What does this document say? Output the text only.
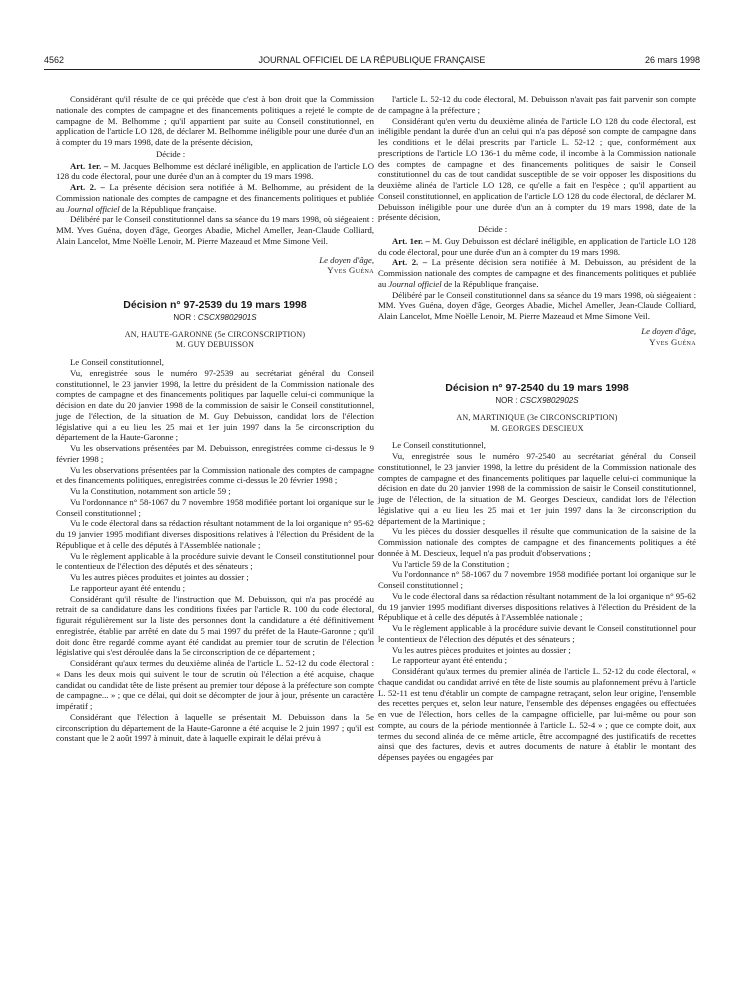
4562	JOURNAL OFFICIEL DE LA RÉPUBLIQUE FRANÇAISE	26 mars 1998

Considérant qu'il résulte de ce qui précède que c'est à bon droit que la Commission nationale des comptes de campagne et des financements politiques a rejeté le compte de campagne de M. Belhomme ; qu'il appartient par suite au Conseil constitutionnel, en application de l'article LO 128, de déclarer M. Belhomme inéligible pour une durée d'un an à compter du 19 mars 1998, date de la présente décision,

Décide :

Art. 1er. – M. Jacques Belhomme est déclaré inéligible, en application de l'article LO 128 du code électoral, pour une durée d'un an à compter du 19 mars 1998.

Art. 2. – La présente décision sera notifiée à M. Belhomme, au président de la Commission nationale des comptes de campagne et des financements politiques et publiée au Journal officiel de la République française.

Délibéré par le Conseil constitutionnel dans sa séance du 19 mars 1998, où siégeaient : MM. Yves Guéna, doyen d'âge, Georges Abadie, Michel Ameller, Jean-Claude Colliard, Alain Lancelot, Mme Noëlle Lenoir, M. Pierre Mazeaud et Mme Simone Veil.

Le doyen d'âge,

Yves Guéna

Décision n° 97-2539 du 19 mars 1998

NOR : CSCX9802901S

AN, HAUTE-GARONNE (5e CIRCONSCRIPTION)

M. GUY DEBUISSON

Le Conseil constitutionnel,

Vu, enregistrée sous le numéro 97-2539 au secrétariat général du Conseil constitutionnel, le 23 janvier 1998, la lettre du président de la Commission nationale des comptes de campagne et des financements politiques par laquelle celui-ci communique la décision en date du 20 janvier 1998 de la commission de saisir le Conseil constitutionnel, juge de l'élection, de la situation de M. Guy Debuisson, candidat lors de l'élection législative qui a eu lieu les 25 mai et 1er juin 1997 dans la 5e circonscription du département de la Haute-Garonne ;

Vu les observations présentées par M. Debuisson, enregistrées comme ci-dessus le 9 février 1998 ;

Vu les observations présentées par la Commission nationale des comptes de campagne et des financements politiques, enregistrées comme ci-dessus le 20 février 1998 ;

Vu la Constitution, notamment son article 59 ;

Vu l'ordonnance n° 58-1067 du 7 novembre 1958 modifiée portant loi organique sur le Conseil constitutionnel ;

Vu le code électoral dans sa rédaction résultant notamment de la loi organique n° 95-62 du 19 janvier 1995 modifiant diverses dispositions relatives à l'élection du Président de la République et à celle des députés à l'Assemblée nationale ;

Vu le règlement applicable à la procédure suivie devant le Conseil constitutionnel pour le contentieux de l'élection des députés et des sénateurs ;

Vu les autres pièces produites et jointes au dossier ;

Le rapporteur ayant été entendu ;

Considérant qu'il résulte de l'instruction que M. Debuisson, qui n'a pas procédé au retrait de sa candidature dans les conditions fixées par l'article R. 100 du code électoral, figurait régulièrement sur la liste des personnes dont la candidature a été définitivement enregistrée, établie par arrêté en date du 5 mai 1997 du préfet de la Haute-Garonne ; qu'il doit donc être regardé comme ayant été candidat au premier tour de scrutin de l'élection législative qui s'est déroulée dans la 5e circonscription de ce département ;

Considérant qu'aux termes du deuxième alinéa de l'article L. 52-12 du code électoral : « Dans les deux mois qui suivent le tour de scrutin où l'élection a été acquise, chaque candidat ou candidat tête de liste présent au premier tour dépose à la préfecture son compte de campagne... » ; que ce délai, qui doit se décompter de jour à jour, présente un caractère impératif ;

Considérant que l'élection à laquelle se présentait M. Debuisson dans la 5e circonscription du département de la Haute-Garonne a été acquise le 2 juin 1997 ; qu'il est constant que le 2 août 1997 à minuit, date à laquelle expirait le délai prévu à

l'article L. 52-12 du code électoral, M. Debuisson n'avait pas fait parvenir son compte de campagne à la préfecture ;

Considérant qu'en vertu du deuxième alinéa de l'article LO 128 du code électoral, est inéligible pendant la durée d'un an celui qui n'a pas déposé son compte de campagne dans les conditions et le délai prescrits par l'article L. 52-12 ; que, conformément aux prescriptions de l'article LO 136-1 du même code, il incombe à la Commission nationale des comptes de campagne et des financements politiques de saisir le Conseil constitutionnel du cas de tout candidat susceptible de se voir opposer les dispositions du deuxième alinéa de l'article LO 128, ce qu'elle a fait en l'espèce ; qu'il appartient au Conseil constitutionnel, en application de l'article LO 128 du code électoral, de déclarer M. Debuisson inéligible pour une durée d'un an à compter du 19 mars 1998, date de la présente décision,

Décide :

Art. 1er. – M. Guy Debuisson est déclaré inéligible, en application de l'article LO 128 du code électoral, pour une durée d'un an à compter du 19 mars 1998.

Art. 2. – La présente décision sera notifiée à M. Debuisson, au président de la Commission nationale des comptes de campagne et des financements politiques et publiée au Journal officiel de la République française.

Délibéré par le Conseil constitutionnel dans sa séance du 19 mars 1998, où siégeaient : MM. Yves Guéna, doyen d'âge, Georges Abadie, Michel Ameller, Jean-Claude Colliard, Alain Lancelot, Mme Noëlle Lenoir, M. Pierre Mazeaud et Mme Simone Veil.

Le doyen d'âge,

Yves Guéna

Décision n° 97-2540 du 19 mars 1998

NOR : CSCX9802902S

AN, MARTINIQUE (3e CIRCONSCRIPTION)

M. GEORGES DESCIEUX

Le Conseil constitutionnel,

Vu, enregistrée sous le numéro 97-2540 au secrétariat général du Conseil constitutionnel, le 23 janvier 1998, la lettre du président de la Commission nationale des comptes de campagne et des financements politiques par laquelle celui-ci communique la décision en date du 20 janvier 1998 de la commission de saisir le Conseil constitutionnel, juge de l'élection, de la situation de M. Georges Descieux, candidat lors de l'élection législative qui a eu lieu les 25 mai et 1er juin 1997 dans la 3e circonscription du département de la Martinique ;

Vu les pièces du dossier desquelles il résulte que communication de la saisine de la Commission nationale des comptes de campagne et des financements politiques a été donnée à M. Descieux, lequel n'a pas produit d'observations ;

Vu l'article 59 de la Constitution ;

Vu l'ordonnance n° 58-1067 du 7 novembre 1958 modifiée portant loi organique sur le Conseil constitutionnel ;

Vu le code électoral dans sa rédaction résultant notamment de la loi organique n° 95-62 du 19 janvier 1995 modifiant diverses dispositions relatives à l'élection du Président de la République et à celle des députés à l'Assemblée nationale ;

Vu le règlement applicable à la procédure suivie devant le Conseil constitutionnel pour le contentieux de l'élection des députés et des sénateurs ;

Vu les autres pièces produites et jointes au dossier ;

Le rapporteur ayant été entendu ;

Considérant qu'aux termes du premier alinéa de l'article L. 52-12 du code électoral, « chaque candidat ou candidat arrivé en tête de liste soumis au plafonnement prévu à l'article L. 52-11 est tenu d'établir un compte de campagne retraçant, selon leur origine, l'ensemble des recettes perçues et, selon leur nature, l'ensemble des dépenses engagées ou effectuées en vue de l'élection, hors celles de la campagne officielle, par lui-même ou pour son compte, au cours de la période mentionnée à l'article L. 52-4 » ; que ce compte doit, aux termes du second alinéa de ce même article, être accompagné des justificatifs de recettes ainsi que des factures, devis et autres documents de nature à établir le montant des dépenses payées ou engagées par
